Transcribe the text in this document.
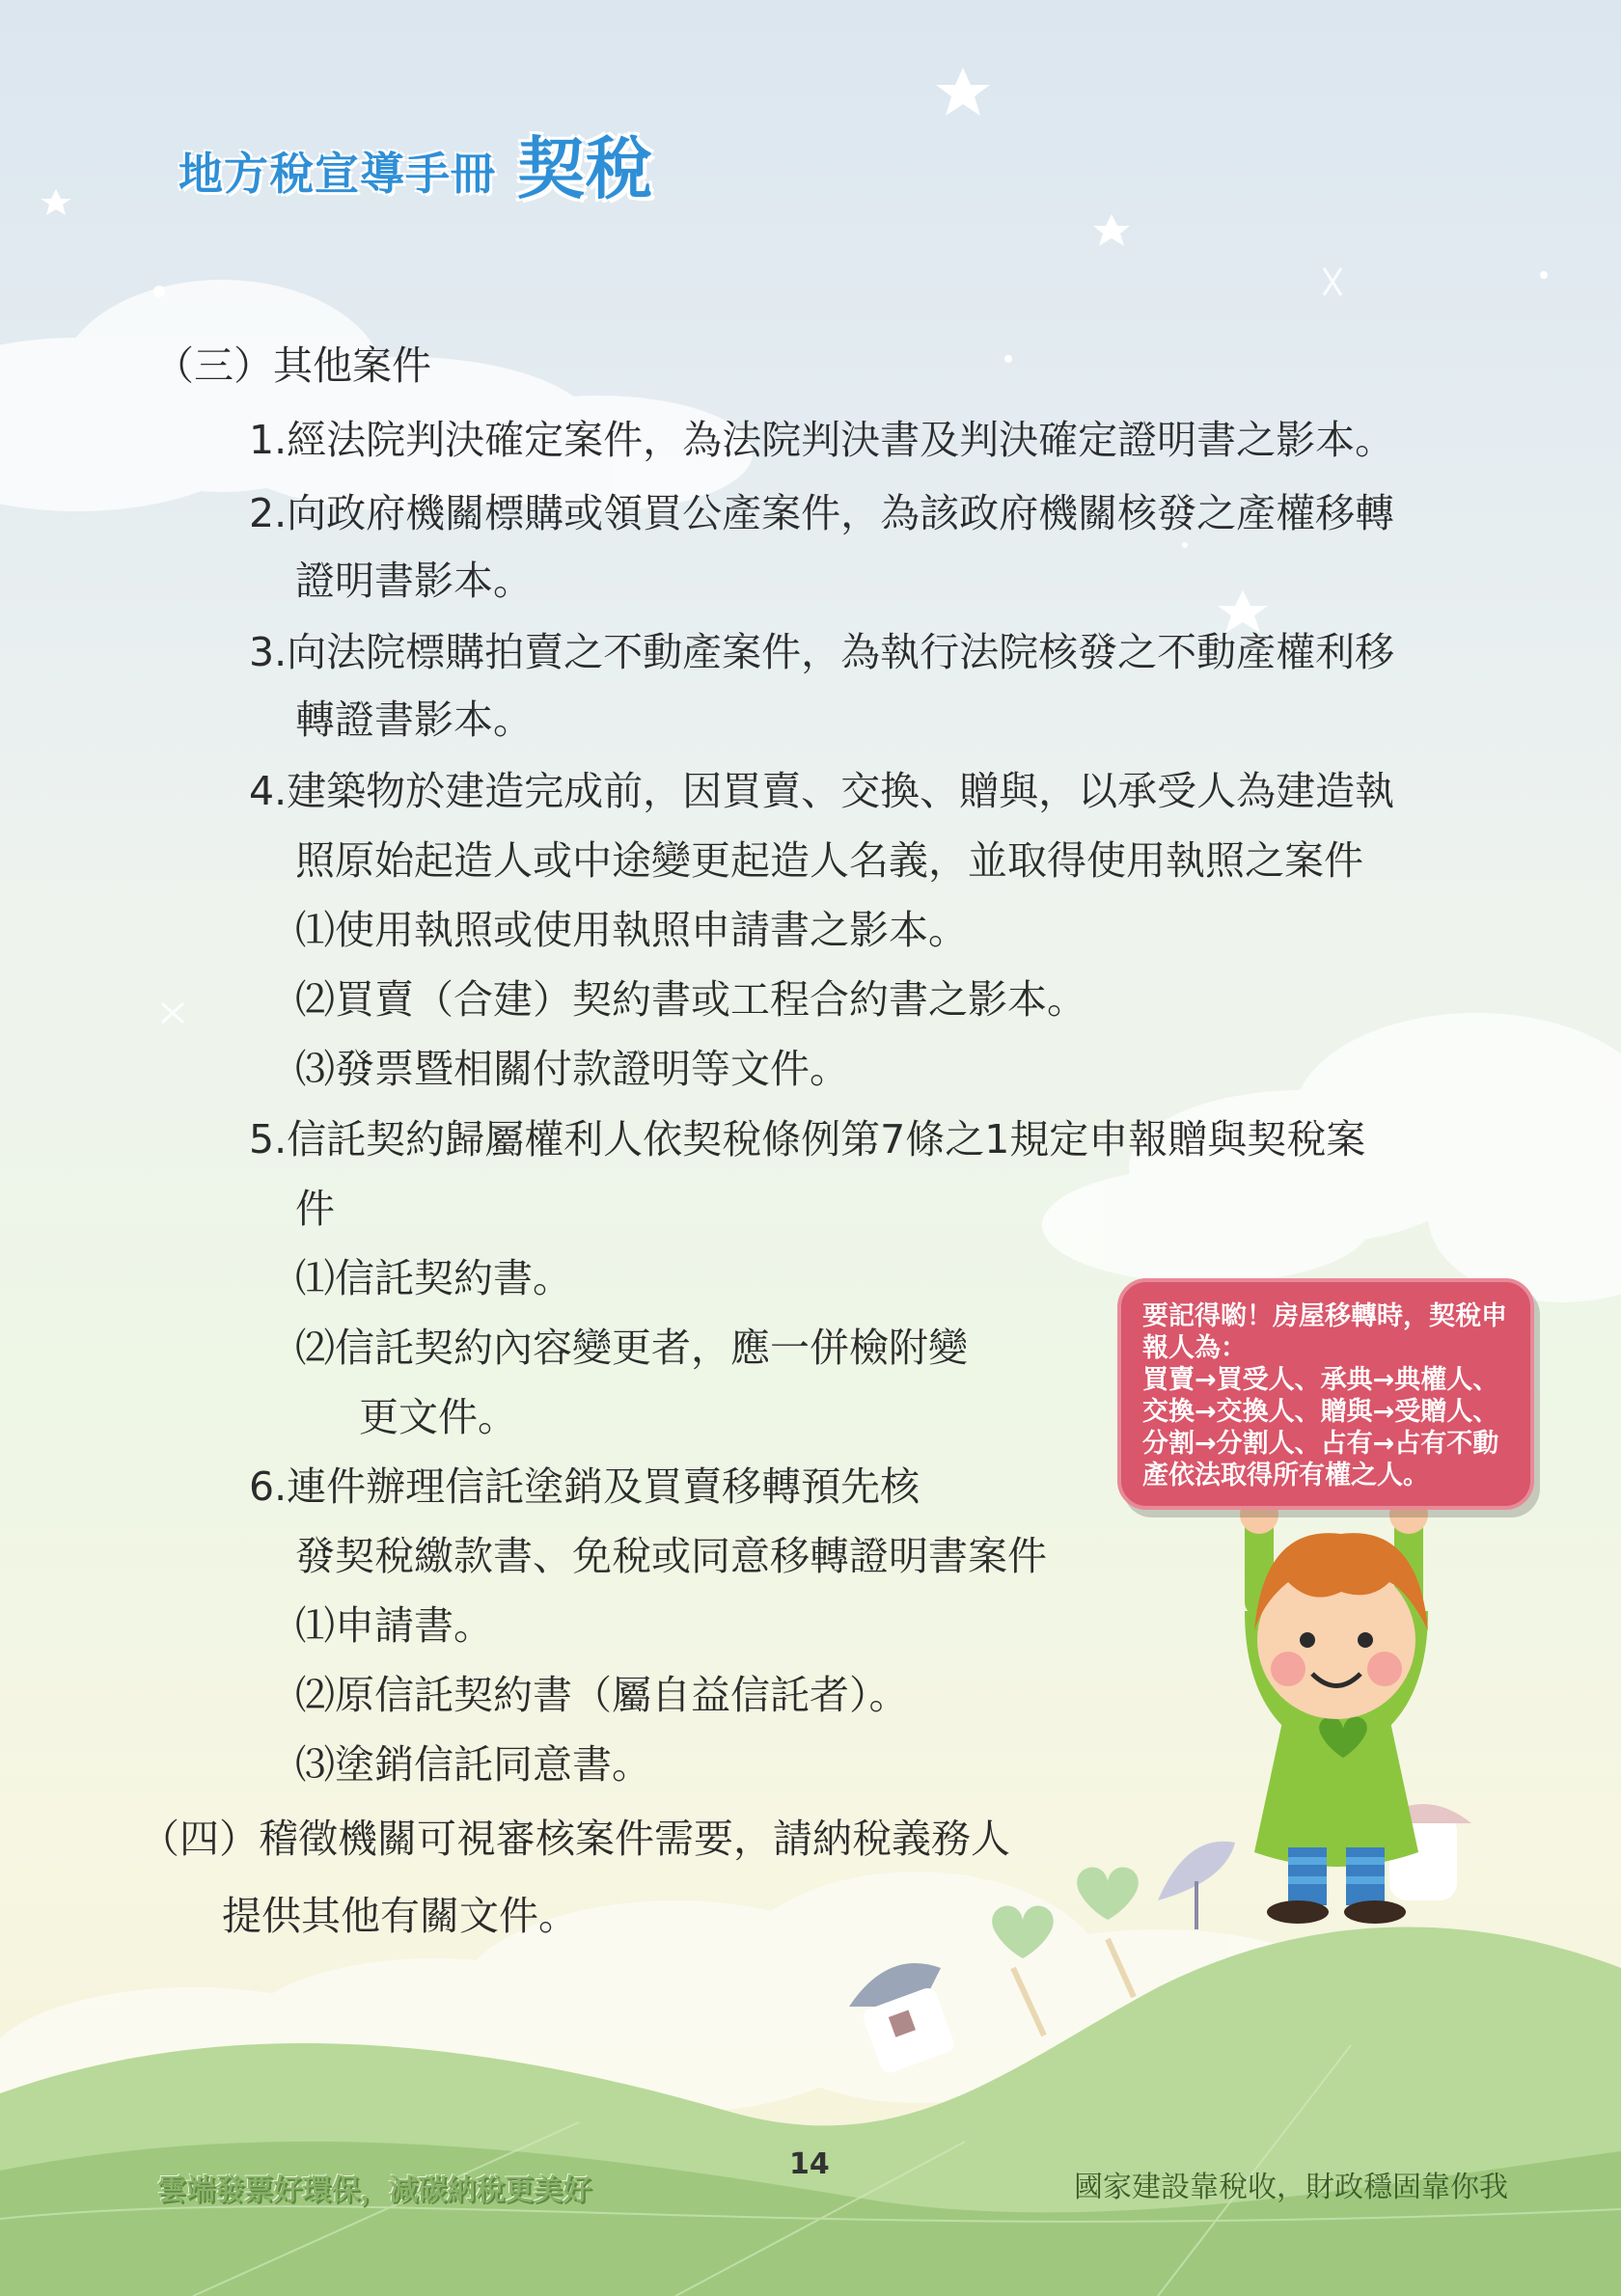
地方稅宣導手冊 契稅
（三）其他案件
1.經法院判決確定案件，為法院判決書及判決確定證明書之影本。
2.向政府機關標購或領買公產案件，為該政府機關核發之產權移轉
證明書影本。
3.向法院標購拍賣之不動產案件，為執行法院核發之不動產權利移
轉證書影本。
4.建築物於建造完成前，因買賣、交換、贈與，以承受人為建造執
照原始起造人或中途變更起造人名義，並取得使用執照之案件
⑴使用執照或使用執照申請書之影本。
⑵買賣（合建）契約書或工程合約書之影本。
⑶發票暨相關付款證明等文件。
5.信託契約歸屬權利人依契稅條例第7條之1規定申報贈與契稅案
件
⑴信託契約書。
⑵信託契約內容變更者，應一併檢附變
更文件。
6.連件辦理信託塗銷及買賣移轉預先核
發契稅繳款書、免稅或同意移轉證明書案件
⑴申請書。
⑵原信託契約書（屬自益信託者）。
⑶塗銷信託同意書。
（四）稽徵機關可視審核案件需要，請納稅義務人
提供其他有關文件。
要記得喲！房屋移轉時，契稅申
報人為：
買賣→買受人、承典→典權人、
交換→交換人、贈與→受贈人、
分割→分割人、占有→占有不動
產依法取得所有權之人。
雲端發票好環保，減碳納稅更美好
14
國家建設靠稅收，財政穩固靠你我
